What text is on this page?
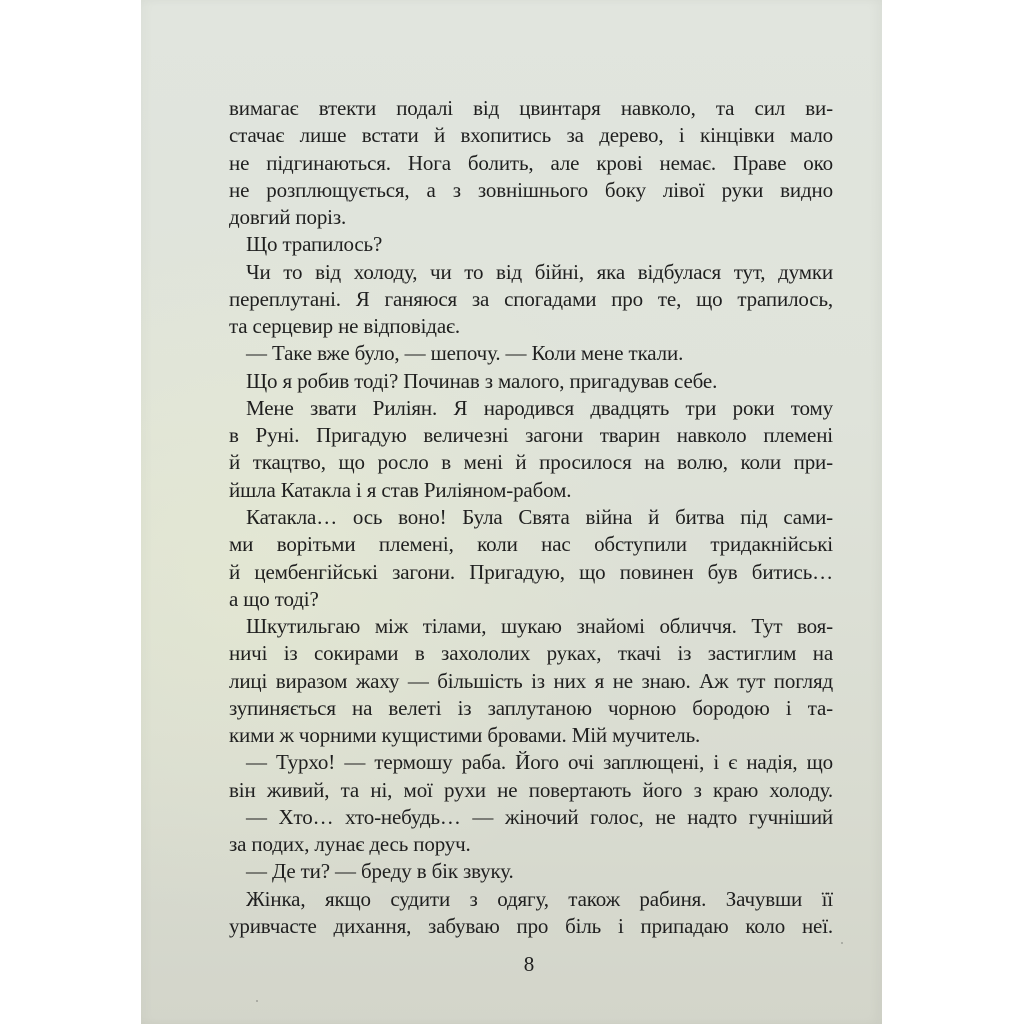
вимагає втекти подалі від цвинтаря навколо, та сил ви-
стачає лише встати й вхопитись за дерево, і кінцівки мало
не підгинаються. Нога болить, але крові немає. Праве око
не розплющується, а з зовнішнього боку лівої руки видно
довгий поріз.
Що трапилось?
Чи то від холоду, чи то від бійні, яка відбулася тут, думки
переплутані. Я ганяюся за спогадами про те, що трапилось,
та серцевир не відповідає.
— Таке вже було, — шепочу. — Коли мене ткали.
Що я робив тоді? Починав з малого, пригадував себе.
Мене звати Риліян. Я народився двадцять три роки тому
в Руні. Пригадую величезні загони тварин навколо племені
й ткацтво, що росло в мені й просилося на волю, коли при-
йшла Катакла і я став Риліяном-рабом.
Катакла… ось воно! Була Свята війна й битва під сами-
ми ворітьми племені, коли нас обступили тридакнійські
й цембенгійські загони. Пригадую, що повинен був битись…
а що тоді?
Шкутильгаю між тілами, шукаю знайомі обличчя. Тут воя-
ничі із сокирами в захололих руках, ткачі із застиглим на
лиці виразом жаху — більшість із них я не знаю. Аж тут погляд
зупиняється на велеті із заплутаною чорною бородою і та-
кими ж чорними кущистими бровами. Мій мучитель.
— Турхо! — термошу раба. Його очі заплющені, і є надія, що
він живий, та ні, мої рухи не повертають його з краю холоду.
— Хто… хто-небудь… — жіночий голос, не надто гучніший
за подих, лунає десь поруч.
— Де ти? — бреду в бік звуку.
Жінка, якщо судити з одягу, також рабиня. Зачувши її
уривчасте дихання, забуваю про біль і припадаю коло неї.
8
